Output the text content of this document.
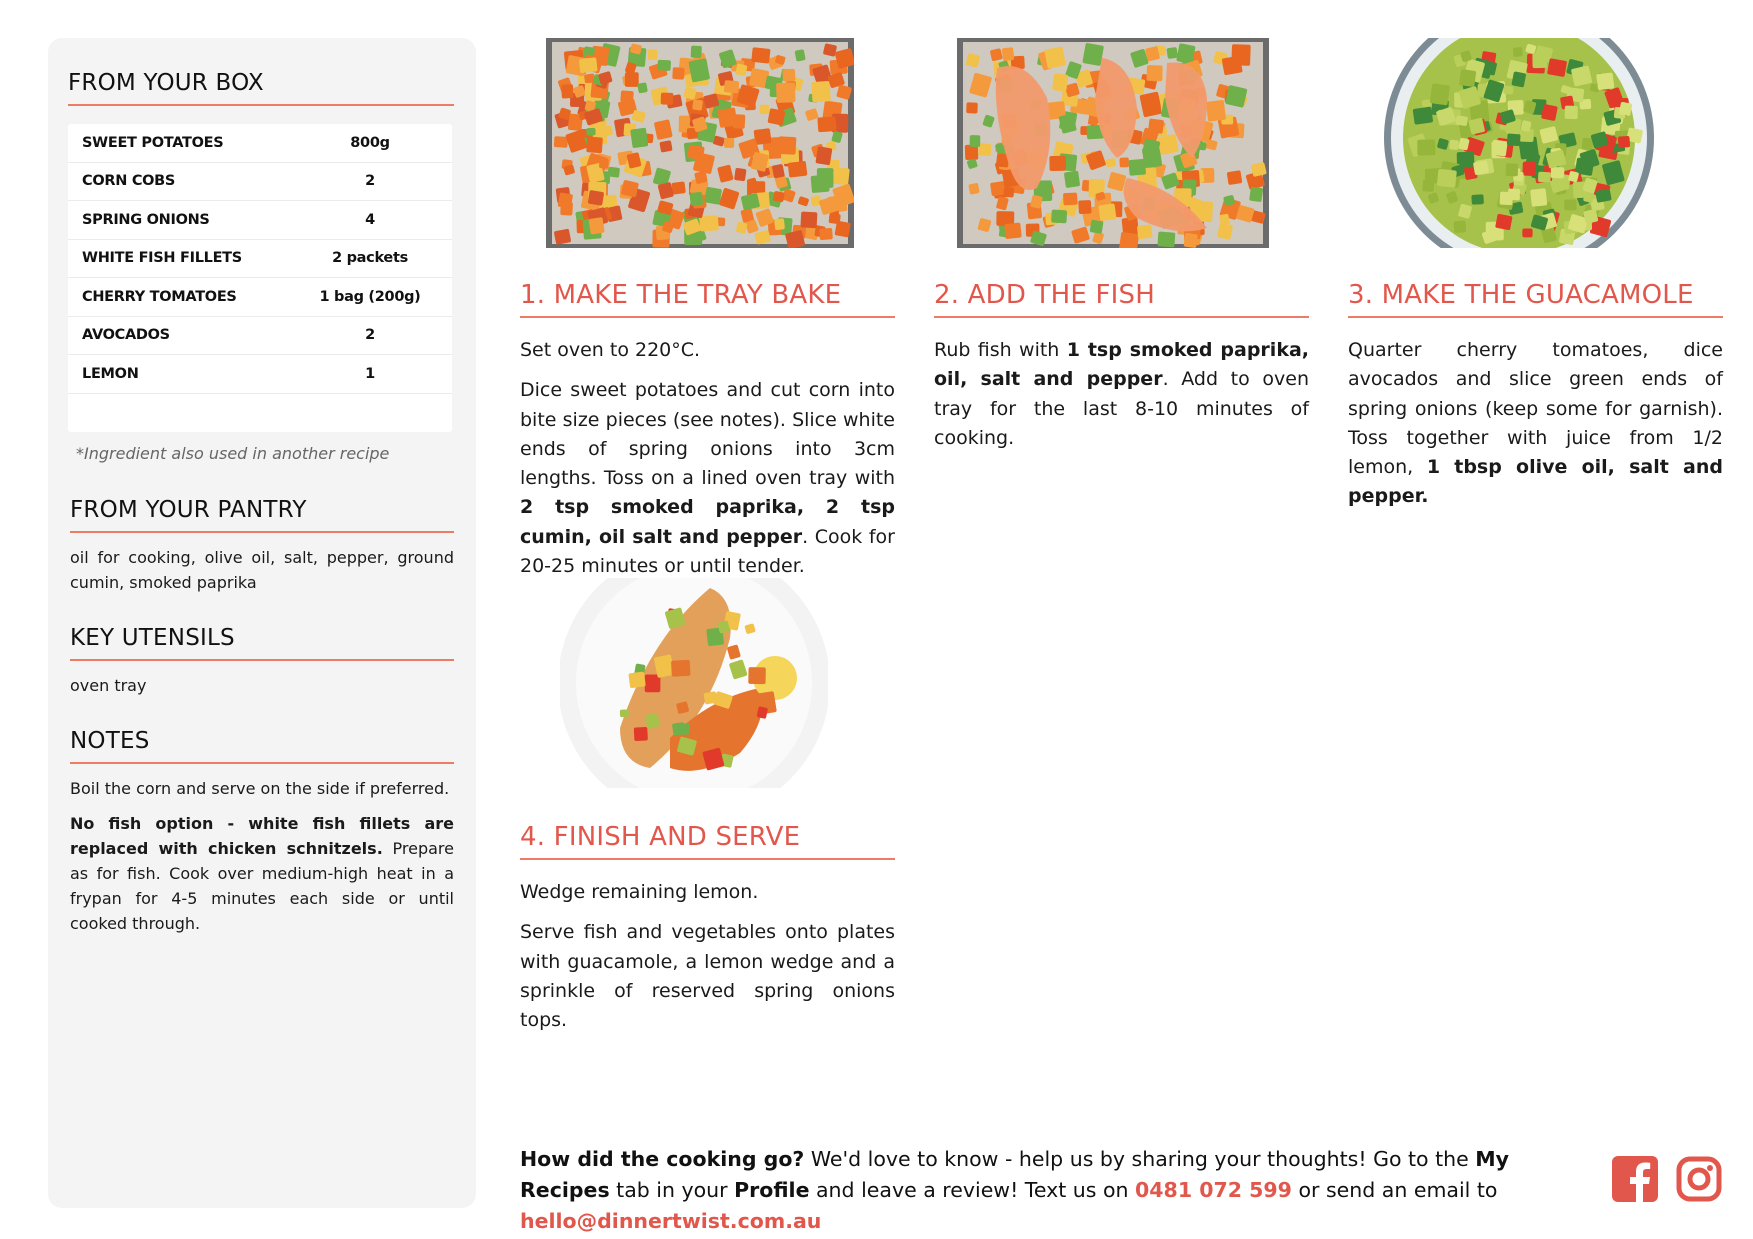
FROM YOUR BOX
SWEET POTATOES	800g
CORN COBS	2
SPRING ONIONS	4
WHITE FISH FILLETS	2 packets
CHERRY TOMATOES	1 bag (200g)
AVOCADOS	2
LEMON	1
*Ingredient also used in another recipe
FROM YOUR PANTRY
oil for cooking, olive oil, salt, pepper, ground cumin, smoked paprika
KEY UTENSILS
oven tray
NOTES
Boil the corn and serve on the side if preferred.
No fish option - white fish fillets are replaced with chicken schnitzels. Prepare as for fish. Cook over medium-high heat in a frypan for 4-5 minutes each side or until cooked through.
1. MAKE THE TRAY BAKE
Set oven to 220°C.
Dice sweet potatoes and cut corn into bite size pieces (see notes). Slice white ends of spring onions into 3cm lengths. Toss on a lined oven tray with 2 tsp smoked paprika, 2 tsp cumin, oil salt and pepper. Cook for 20-25 minutes or until tender.
2. ADD THE FISH
Rub fish with 1 tsp smoked paprika, oil, salt and pepper. Add to oven tray for the last 8-10 minutes of cooking.
3. MAKE THE GUACAMOLE
Quarter cherry tomatoes, dice avocados and slice green ends of spring onions (keep some for garnish). Toss together with juice from 1/2 lemon, 1 tbsp olive oil, salt and pepper.
4. FINISH AND SERVE
Wedge remaining lemon.
Serve fish and vegetables onto plates with guacamole, a lemon wedge and a sprinkle of reserved spring onions tops.
How did the cooking go? We'd love to know - help us by sharing your thoughts! Go to the My Recipes tab in your Profile and leave a review! Text us on 0481 072 599 or send an email to hello@dinnertwist.com.au
